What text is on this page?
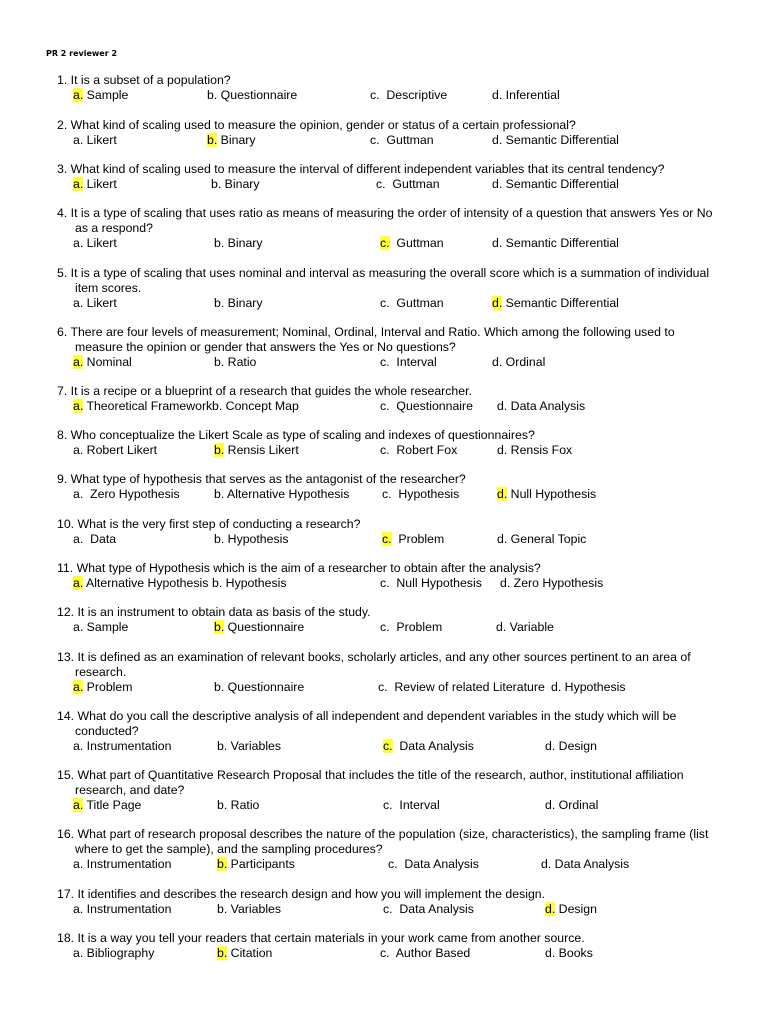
PR 2 reviewer 2
1. It is a subset of a population?
a. Sample	b. Questionnaire	c.  Descriptive	d. Inferential
2. What kind of scaling used to measure the opinion, gender or status of a certain professional?
a. Likert	b. Binary	c.  Guttman	d. Semantic Differential
3. What kind of scaling used to measure the interval of different independent variables that its central tendency?
a. Likert	b. Binary	c.  Guttman	d. Semantic Differential
4. It is a type of scaling that uses ratio as means of measuring the order of intensity of a question that answers Yes or No
as a respond?
a. Likert	b. Binary	c.  Guttman	d. Semantic Differential
5. It is a type of scaling that uses nominal and interval as measuring the overall score which is a summation of individual
item scores.
a. Likert	b. Binary	c.  Guttman	d. Semantic Differential
6. There are four levels of measurement; Nominal, Ordinal, Interval and Ratio. Which among the following used to
measure the opinion or gender that answers the Yes or No questions?
a. Nominal	b. Ratio	c.  Interval	d. Ordinal
7. It is a recipe or a blueprint of a research that guides the whole researcher.
a. Theoretical Framework b. Concept Map	c.  Questionnaire d. Data Analysis
8. Who conceptualize the Likert Scale as type of scaling and indexes of questionnaires?
a. Robert Likert	b. Rensis Likert	c.  Robert Fox	d. Rensis Fox
9. What type of hypothesis that serves as the antagonist of the researcher?
a.  Zero Hypothesis	b. Alternative Hypothesis	c.  Hypothesis	d. Null Hypothesis
10. What is the very first step of conducting a research?
a.  Data	b. Hypothesis	c.  Problem	d. General Topic
11. What type of Hypothesis which is the aim of a researcher to obtain after the analysis?
a. Alternative Hypothesis b. Hypothesis	c.  Null Hypothesis d. Zero Hypothesis
12. It is an instrument to obtain data as basis of the study.
a. Sample	b. Questionnaire	c.  Problem	d. Variable
13. It is defined as an examination of relevant books, scholarly articles, and any other sources pertinent to an area of
research.
a. Problem	b. Questionnaire	c.  Review of related Literature d. Hypothesis
14. What do you call the descriptive analysis of all independent and dependent variables in the study which will be
conducted?
a. Instrumentation	b. Variables	c.  Data Analysis	d. Design
15. What part of Quantitative Research Proposal that includes the title of the research, author, institutional affiliation
research, and date?
a. Title Page	b. Ratio	c.  Interval	d. Ordinal
16. What part of research proposal describes the nature of the population (size, characteristics), the sampling frame (list
where to get the sample), and the sampling procedures?
a. Instrumentation	b. Participants	c.  Data Analysis	d. Data Analysis
17. It identifies and describes the research design and how you will implement the design.
a. Instrumentation	b. Variables	c.  Data Analysis	d. Design
18. It is a way you tell your readers that certain materials in your work came from another source.
a. Bibliography	b. Citation	c.  Author Based	d. Books
